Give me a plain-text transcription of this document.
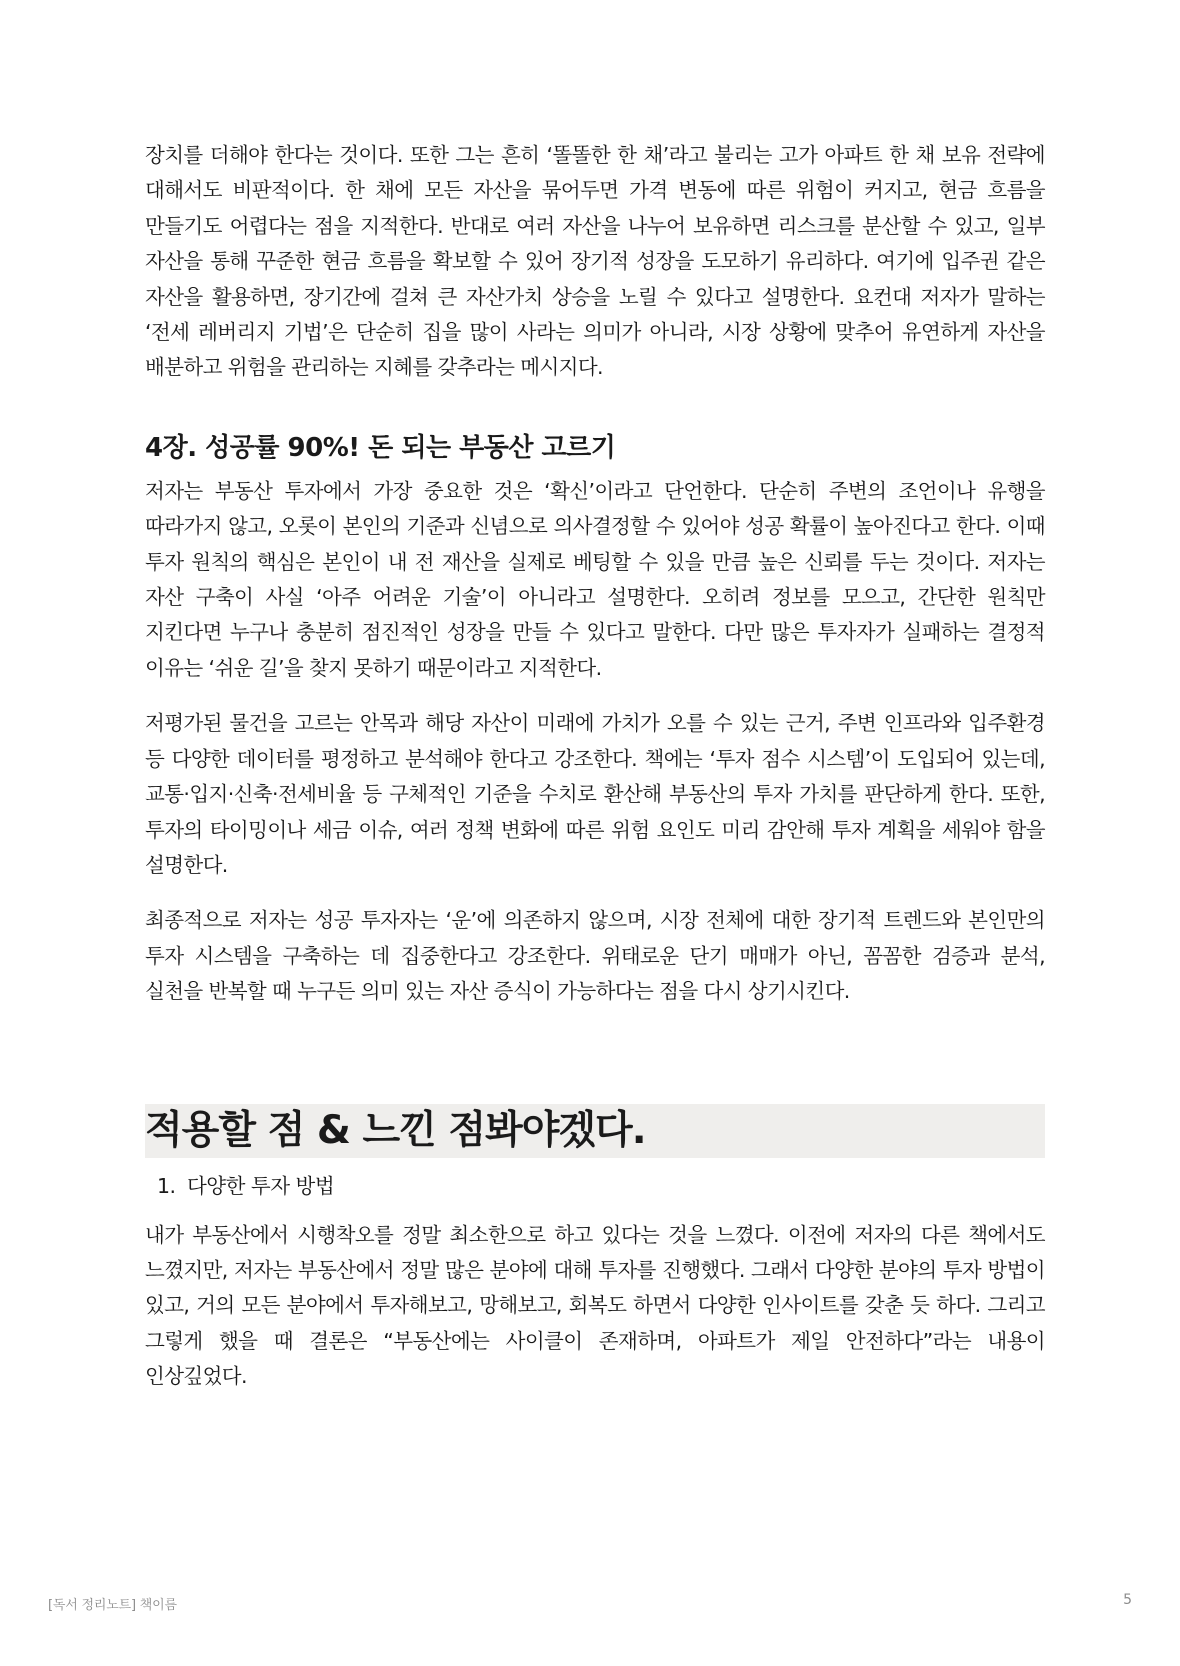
장치를 더해야 한다는 것이다. 또한 그는 흔히 ‘똘똘한 한 채’라고 불리는 고가 아파트 한 채 보유 전략에 대해서도 비판적이다. 한 채에 모든 자산을 묶어두면 가격 변동에 따른 위험이 커지고, 현금 흐름을 만들기도 어렵다는 점을 지적한다. 반대로 여러 자산을 나누어 보유하면 리스크를 분산할 수 있고, 일부 자산을 통해 꾸준한 현금 흐름을 확보할 수 있어 장기적 성장을 도모하기 유리하다. 여기에 입주권 같은 자산을 활용하면, 장기간에 걸쳐 큰 자산가치 상승을 노릴 수 있다고 설명한다. 요컨대 저자가 말하는 ‘전세 레버리지 기법’은 단순히 집을 많이 사라는 의미가 아니라, 시장 상황에 맞추어 유연하게 자산을 배분하고 위험을 관리하는 지혜를 갖추라는 메시지다.

4장. 성공률 90%! 돈 되는 부동산 고르기

저자는 부동산 투자에서 가장 중요한 것은 ‘확신’이라고 단언한다. 단순히 주변의 조언이나 유행을 따라가지 않고, 오롯이 본인의 기준과 신념으로 의사결정할 수 있어야 성공 확률이 높아진다고 한다. 이때 투자 원칙의 핵심은 본인이 내 전 재산을 실제로 베팅할 수 있을 만큼 높은 신뢰를 두는 것이다. 저자는 자산 구축이 사실 ‘아주 어려운 기술’이 아니라고 설명한다. 오히려 정보를 모으고, 간단한 원칙만 지킨다면 누구나 충분히 점진적인 성장을 만들 수 있다고 말한다. 다만 많은 투자자가 실패하는 결정적 이유는 ‘쉬운 길’을 찾지 못하기 때문이라고 지적한다.

저평가된 물건을 고르는 안목과 해당 자산이 미래에 가치가 오를 수 있는 근거, 주변 인프라와 입주환경 등 다양한 데이터를 평정하고 분석해야 한다고 강조한다. 책에는 ‘투자 점수 시스템’이 도입되어 있는데, 교통·입지·신축·전세비율 등 구체적인 기준을 수치로 환산해 부동산의 투자 가치를 판단하게 한다. 또한, 투자의 타이밍이나 세금 이슈, 여러 정책 변화에 따른 위험 요인도 미리 감안해 투자 계획을 세워야 함을 설명한다.

최종적으로 저자는 성공 투자자는 ‘운’에 의존하지 않으며, 시장 전체에 대한 장기적 트렌드와 본인만의 투자 시스템을 구축하는 데 집중한다고 강조한다. 위태로운 단기 매매가 아닌, 꼼꼼한 검증과 분석, 실천을 반복할 때 누구든 의미 있는 자산 증식이 가능하다는 점을 다시 상기시킨다.

적용할 점 & 느낀 점봐야겠다.
1. 다양한 투자 방법

내가 부동산에서 시행착오를 정말 최소한으로 하고 있다는 것을 느꼈다. 이전에 저자의 다른 책에서도 느꼈지만, 저자는 부동산에서 정말 많은 분야에 대해 투자를 진행했다. 그래서 다양한 분야의 투자 방법이 있고, 거의 모든 분야에서 투자해보고, 망해보고, 회복도 하면서 다양한 인사이트를 갖춘 듯 하다. 그리고 그렇게 했을 때 결론은 “부동산에는 사이클이 존재하며, 아파트가 제일 안전하다”라는 내용이 인상깊었다.

[독서 정리노트] 책이름	5
